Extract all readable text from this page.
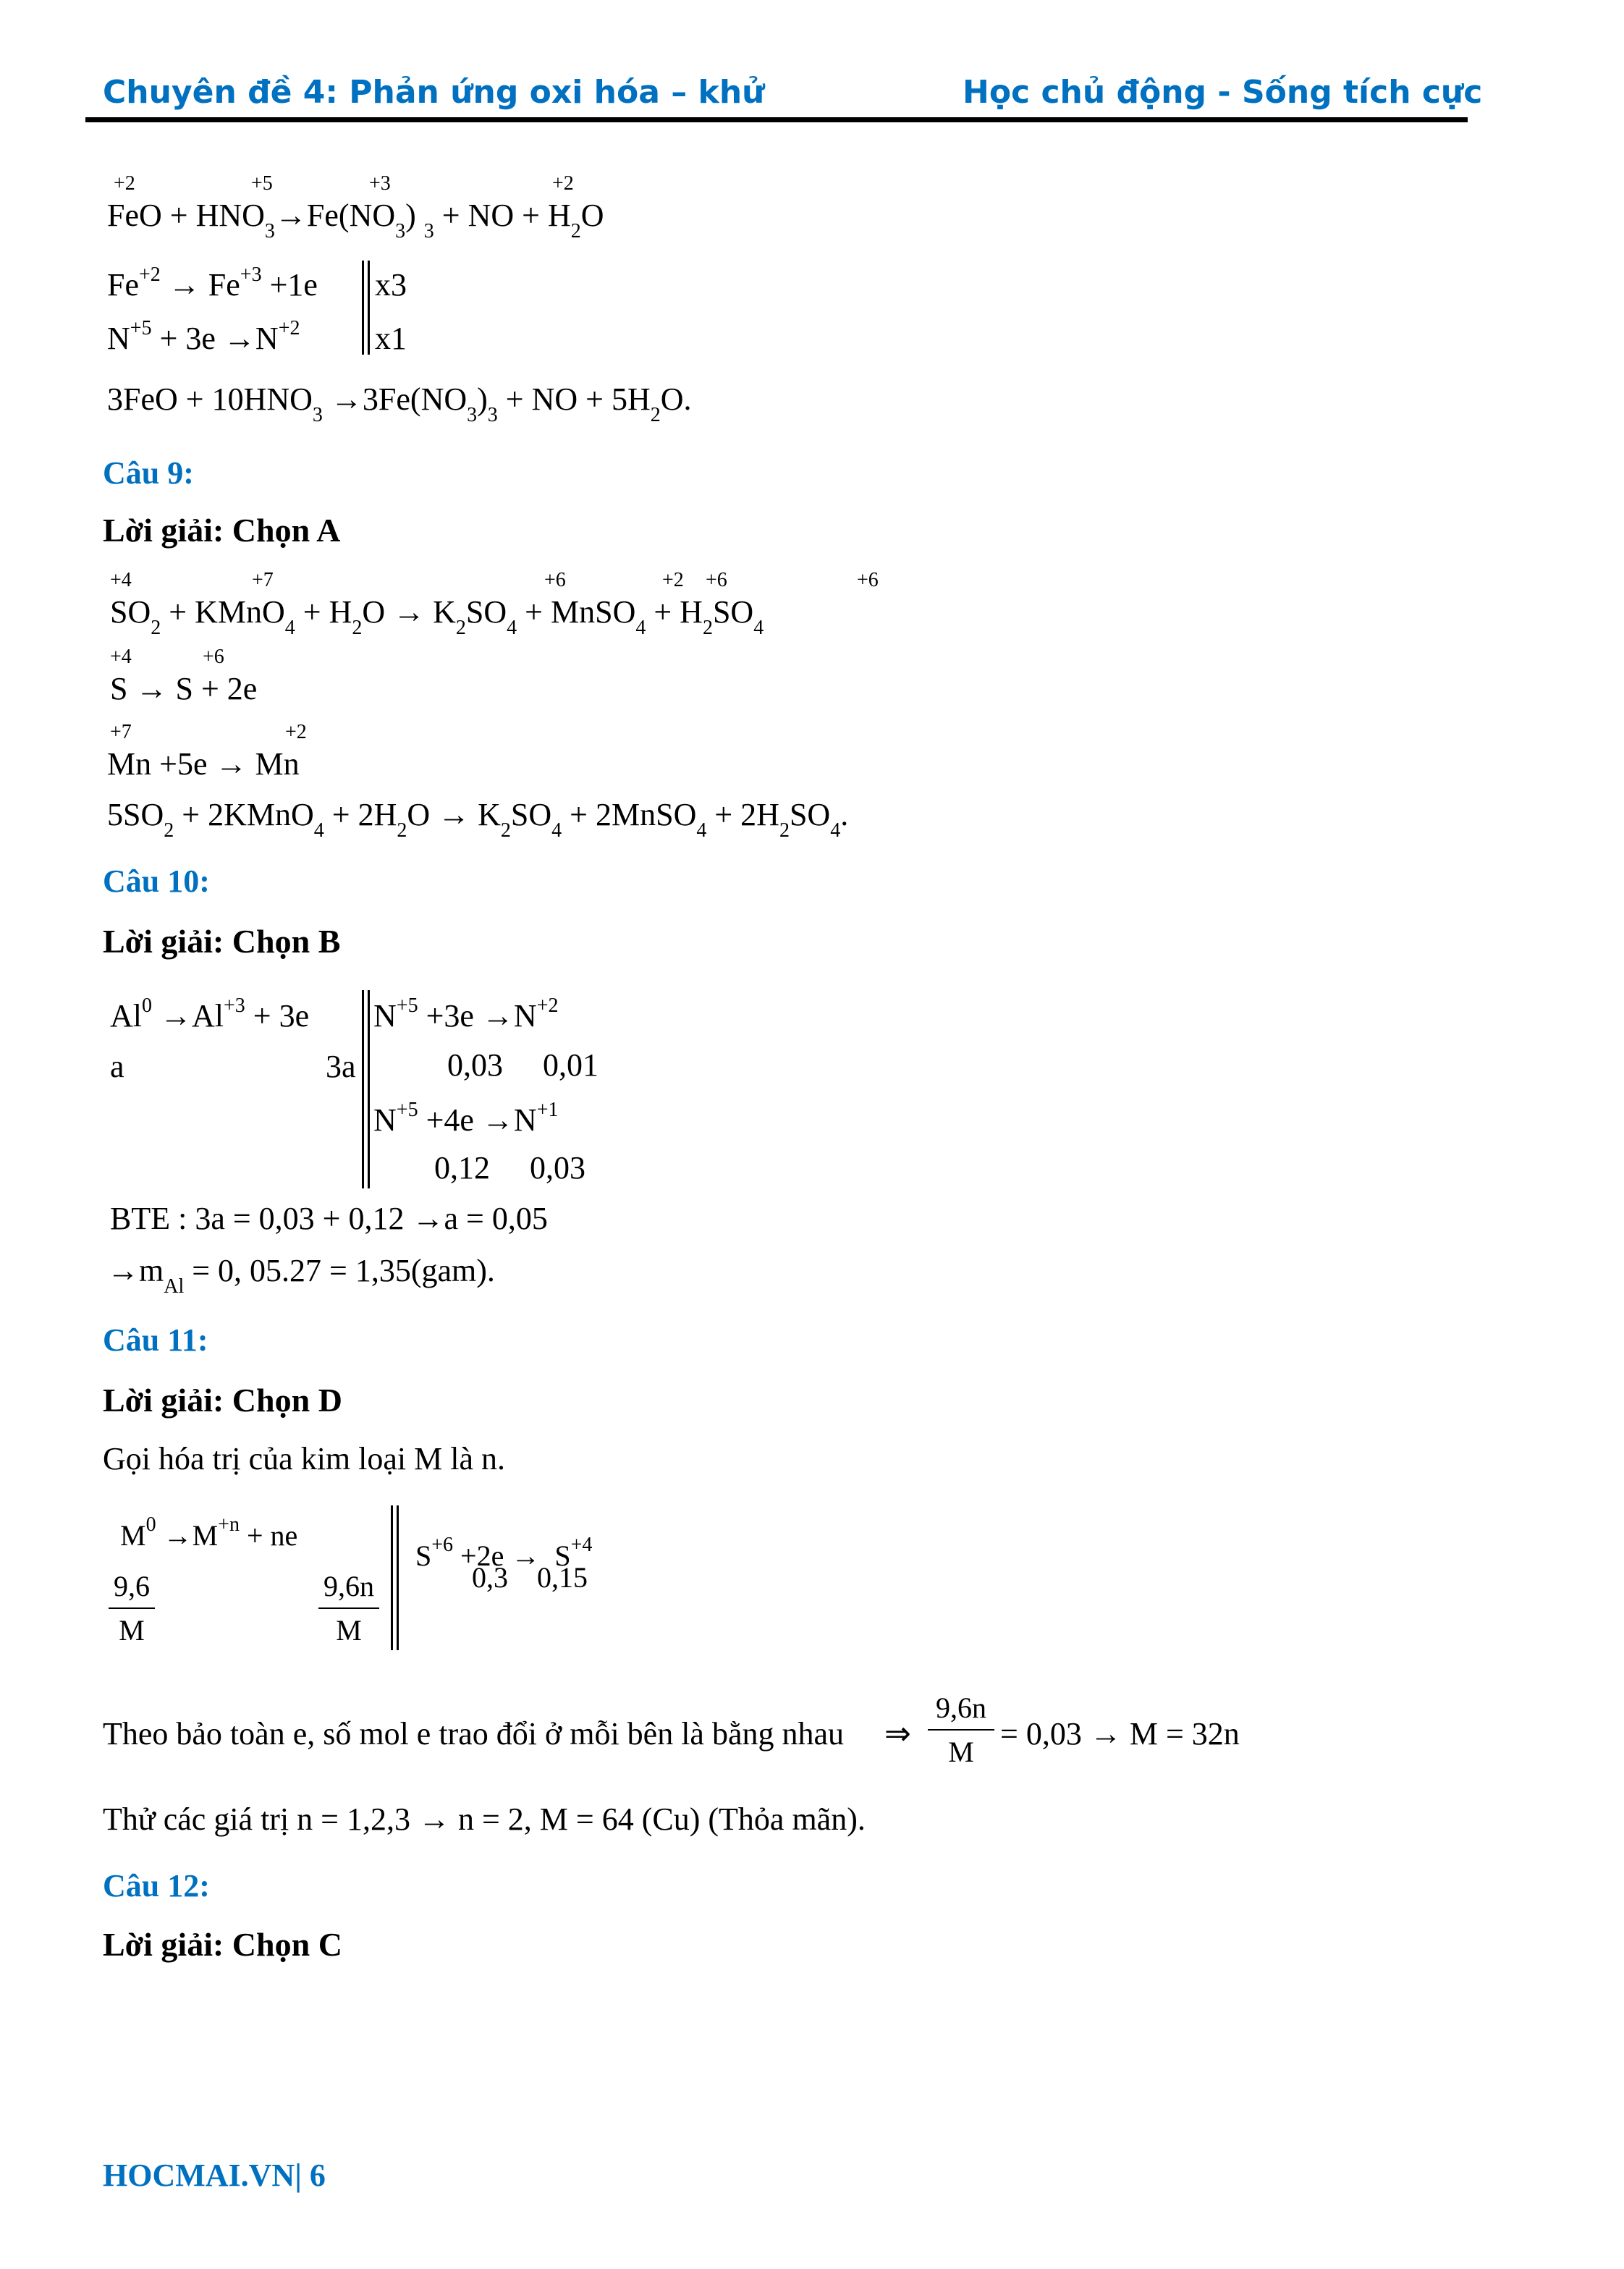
Chuyên đề 4: Phản ứng oxi hóa – khử	Học chủ động - Sống tích cực
+2	+5	+3	+2
FeO + $HNO_3\to Fe(NO_3) _3$ + NO + $H_2O$
$Fe^{+2} \to Fe^{+3} +1e$ x3
$N^{+5} + 3e \to N^{+2}$ x1
$3FeO + 10HNO_3 \to 3Fe(NO_3)_3$ + NO + $5H_2O$.
Câu 9:
Lời giải: Chọn A
+4	+7	+6	+2 +6	+6
$SO_2$ + KMnO$_4$ + $H_2O \to K_2SO_4$ + MnSO$_4$ + $H_2SO_4$
+4	+6
S → S + 2e
+7	+2
Mn +5e → Mn
$5SO_2$ + 2KMnO$_4$ + $2H_2O \to K_2SO_4$ + 2MnSO$_4$ + $2H_2SO_4$.
Câu 10:
Lời giải: Chọn B
$Al^0 \to Al^{+3} + 3e$
a	3a
$N^{+5} +3e \to N^{+2}$
0,03     0,01
$N^{+5} +4e \to N^{+1}$
0,12     0,03
BTE : 3a = 0,03 + 0,12 →a = 0,05
$\to m_{Al} = 0$, 05.27 = 1,35(gam).
Câu 11:
Lời giải: Chọn D
Gọi hóa trị của kim loại M là n.
$M^0 \to M^{+n}$ + ne
9,6
M
9,6n
M

$S^{+6} +2e \to S^{+4}$

0,3    0,15
Theo bảo toàn e, số mol e trao đổi ở mỗi bên là bằng nhau ⇒
9,6n
M
= 0,03 → M = 32n
Thử các giá trị n = 1,2,3 → n = 2, M = 64 (Cu) (Thỏa mãn).
Câu 12:
Lời giải: Chọn C
HOCMAI.VN| 6
